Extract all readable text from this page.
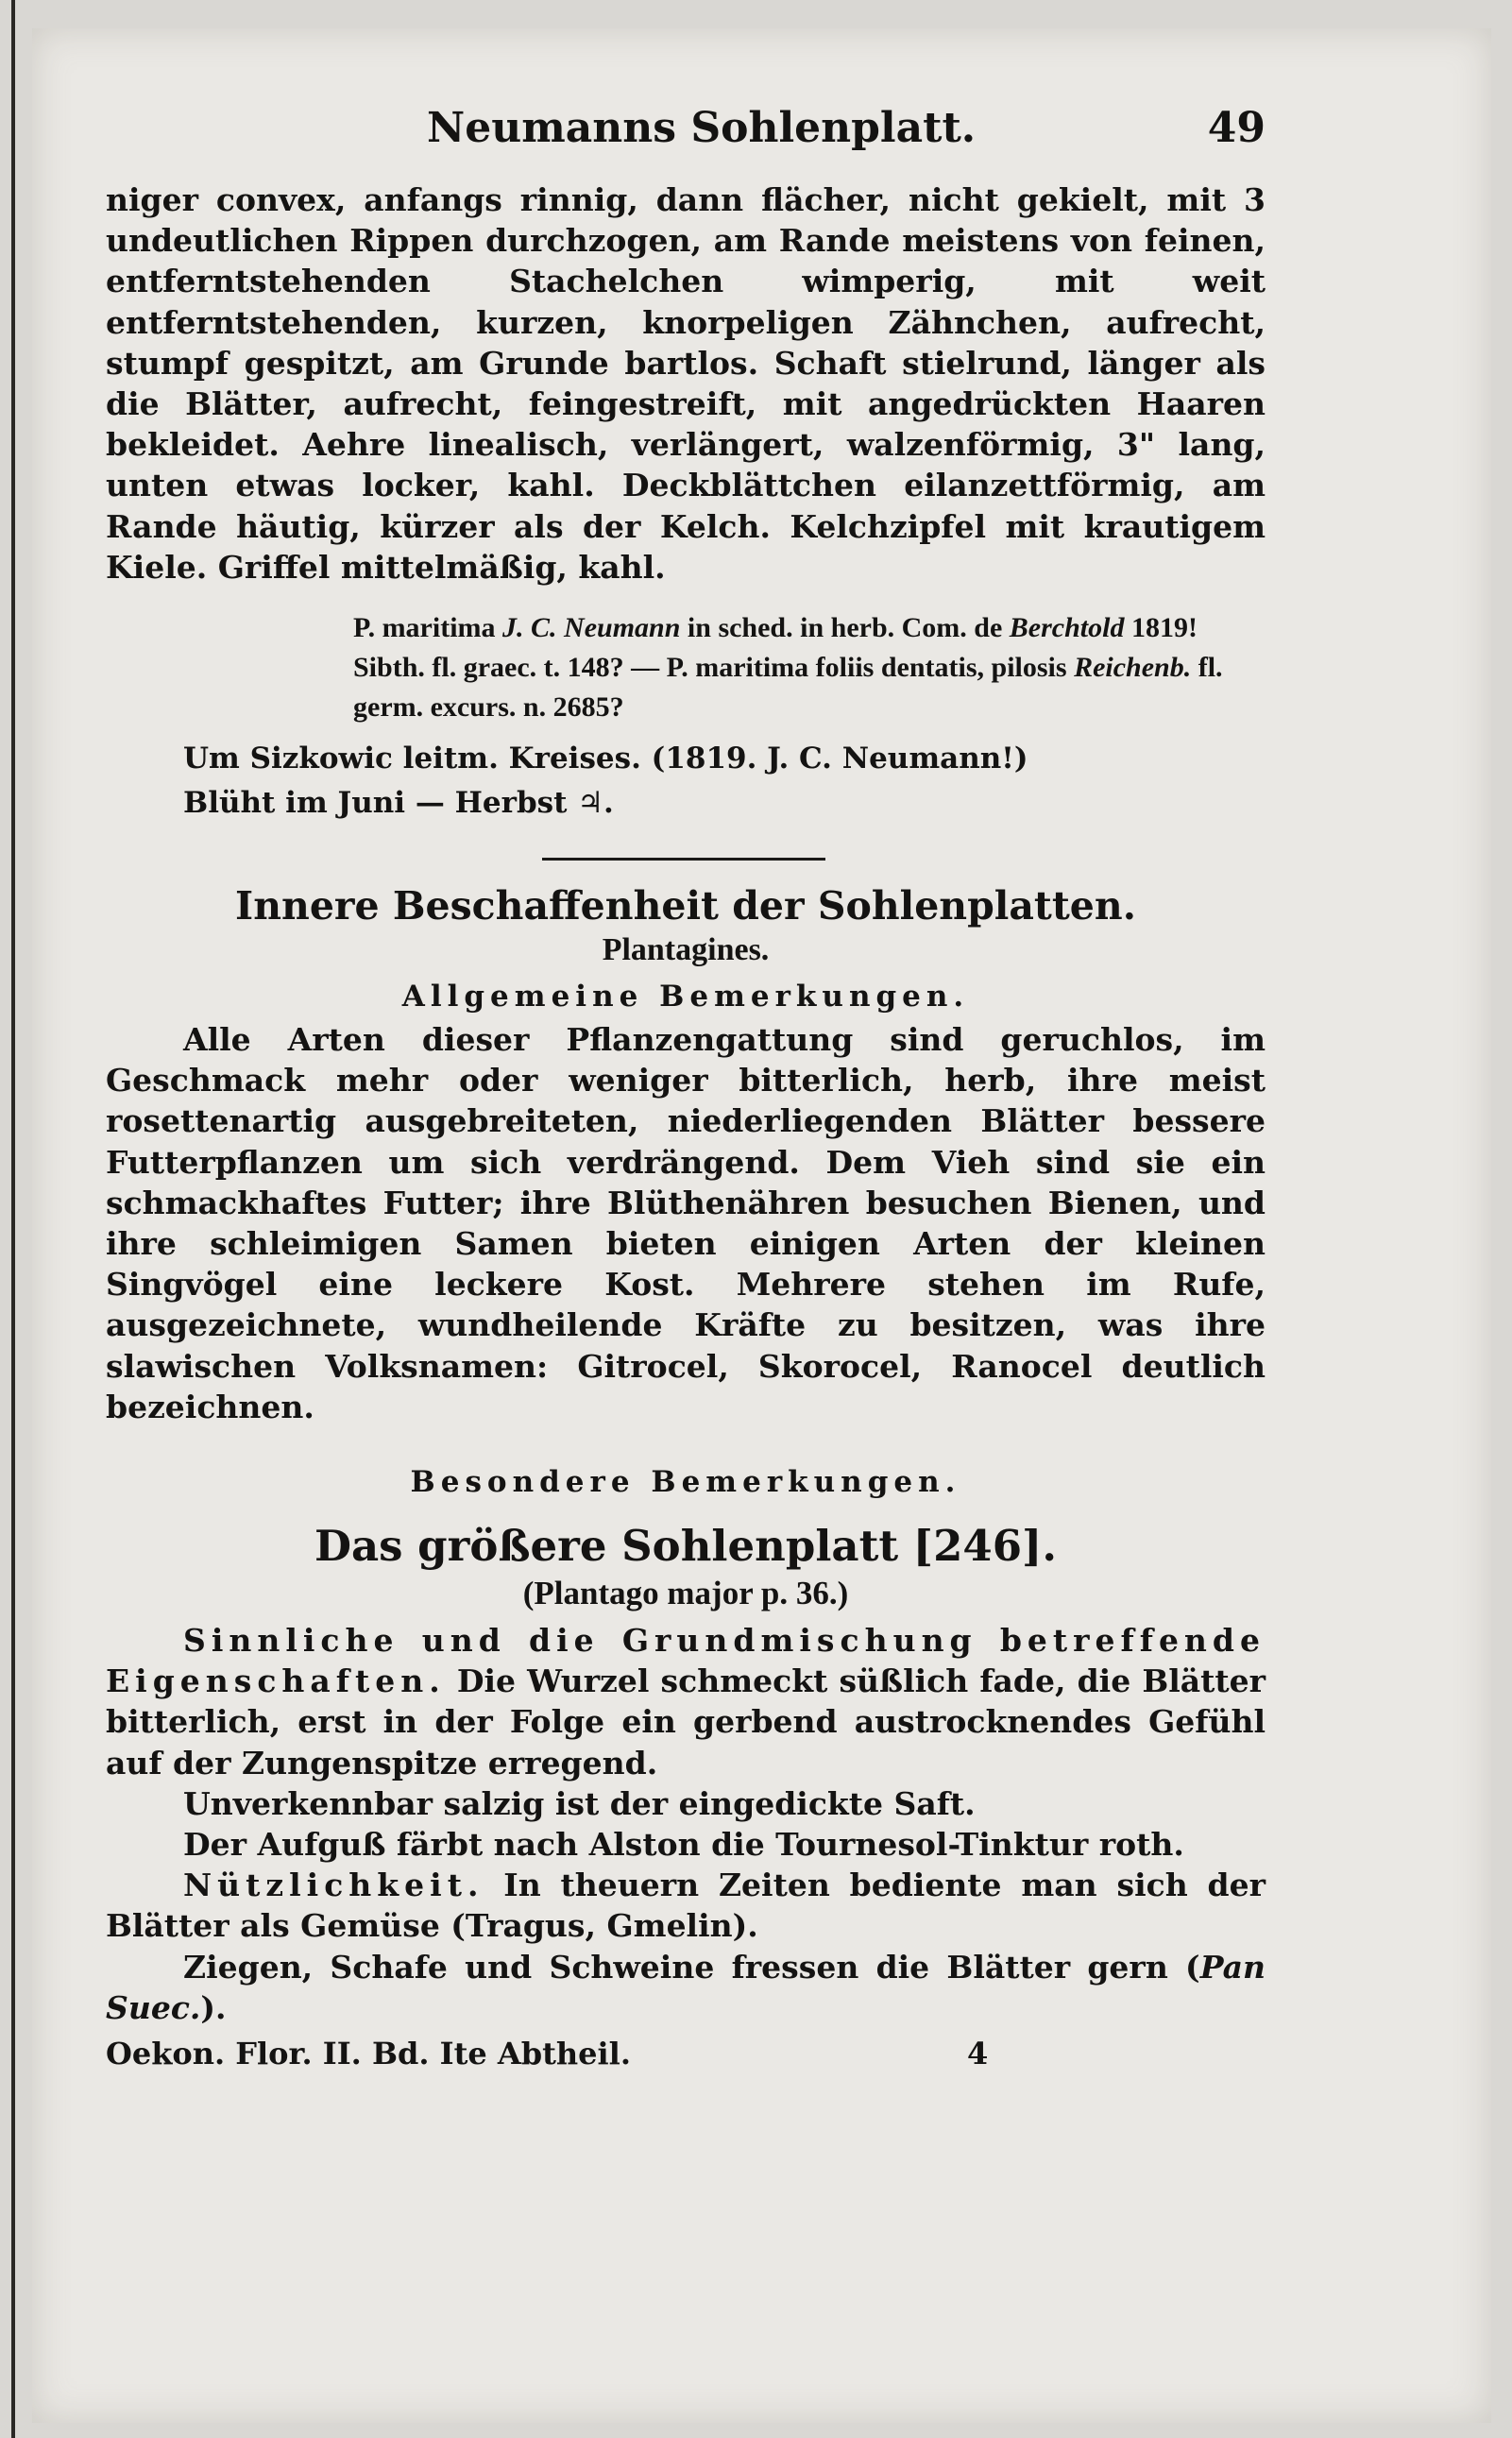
Neumanns Sohlenplatt.	49

niger convex, anfangs rinnig, dann flächer, nicht gekielt, mit 3 undeutlichen Rippen durchzogen, am Rande meistens von feinen, entferntstehenden Stachelchen wimperig, mit weit entferntstehenden, kurzen, knorpeligen Zähnchen, aufrecht, stumpf gespitzt, am Grunde bartlos. Schaft stielrund, länger als die Blätter, aufrecht, feingestreift, mit angedrückten Haaren bekleidet. Aehre linealisch, verlängert, walzenförmig, 3" lang, unten etwas locker, kahl. Deckblättchen eilanzettförmig, am Rande häutig, kürzer als der Kelch. Kelchzipfel mit krautigem Kiele. Griffel mittelmäßig, kahl.

P. maritima J. C. Neumann in sched. in herb. Com. de Berchtold 1819! Sibth. fl. graec. t. 148? — P. maritima foliis dentatis, pilosis Reichenb. fl. germ. excurs. n. 2685?

Um Sizkowic leitm. Kreises. (1819. J. C. Neumann!)

Blüht im Juni — Herbst ♃.

Innere Beschaffenheit der Sohlenplatten.
Plantagines.
Allgemeine Bemerkungen.

Alle Arten dieser Pflanzengattung sind geruchlos, im Geschmack mehr oder weniger bitterlich, herb, ihre meist rosettenartig ausgebreiteten, niederliegenden Blätter bessere Futterpflanzen um sich verdrängend. Dem Vieh sind sie ein schmackhaftes Futter; ihre Blüthenähren besuchen Bienen, und ihre schleimigen Samen bieten einigen Arten der kleinen Singvögel eine leckere Kost. Mehrere stehen im Rufe, ausgezeichnete, wundheilende Kräfte zu besitzen, was ihre slawischen Volksnamen: Gitrocel, Skorocel, Ranocel deutlich bezeichnen.

Besondere Bemerkungen.
Das größere Sohlenplatt [246].
(Plantago major p. 36.)

Sinnliche und die Grundmischung betreffende Eigenschaften. Die Wurzel schmeckt süßlich fade, die Blätter bitterlich, erst in der Folge ein gerbend austrocknendes Gefühl auf der Zungenspitze erregend.

Unverkennbar salzig ist der eingedickte Saft.

Der Aufguß färbt nach Alston die Tournesol-Tinktur roth.

Nützlichkeit. In theuern Zeiten bediente man sich der Blätter als Gemüse (Tragus, Gmelin).

Ziegen, Schafe und Schweine fressen die Blätter gern (Pan Suec.).

Oekon. Flor. II. Bd. Ite Abtheil.	4
